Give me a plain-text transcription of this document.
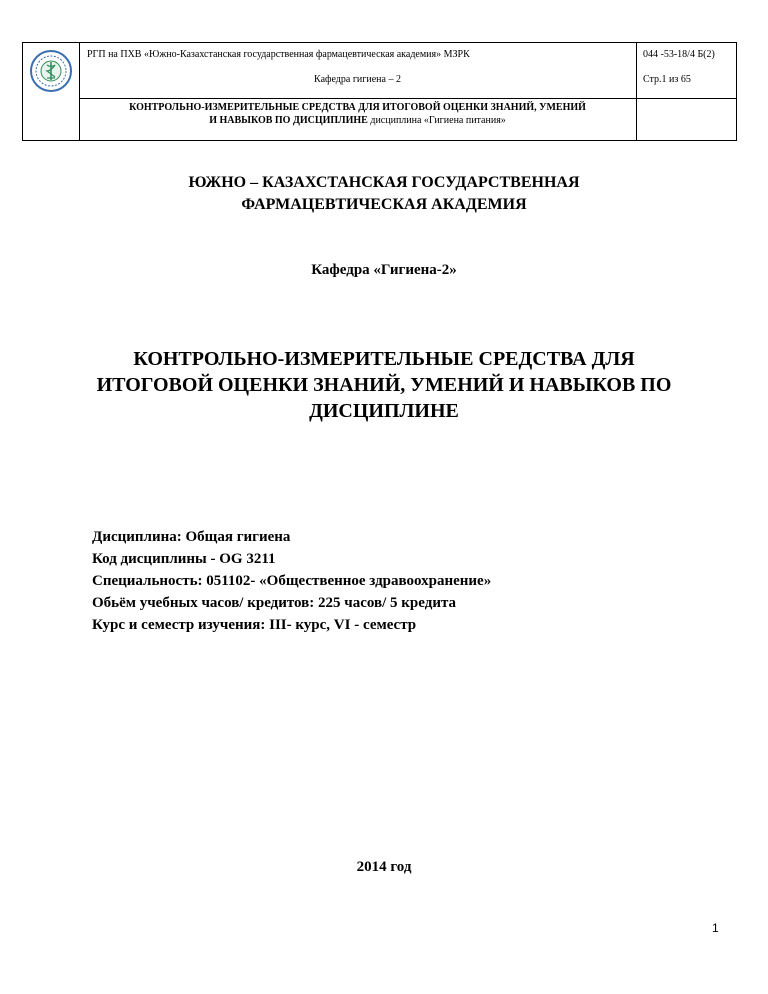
РГП на ПХВ «Южно-Казахстанская государственная фармацевтическая академия» МЗРК
Кафедра гигиена – 2
044 -53-18/4 Б(2)
Стр.1 из 65
КОНТРОЛЬНО-ИЗМЕРИТЕЛЬНЫЕ СРЕДСТВА ДЛЯ ИТОГОВОЙ ОЦЕНКИ ЗНАНИЙ, УМЕНИЙ
И НАВЫКОВ ПО ДИСЦИПЛИНЕ дисциплина «Гигиена питания»
ЮЖНО – КАЗАХСТАНСКАЯ ГОСУДАРСТВЕННАЯ
ФАРМАЦЕВТИЧЕСКАЯ АКАДЕМИЯ
Кафедра «Гигиена-2»
КОНТРОЛЬНО-ИЗМЕРИТЕЛЬНЫЕ СРЕДСТВА ДЛЯ
ИТОГОВОЙ ОЦЕНКИ ЗНАНИЙ, УМЕНИЙ И НАВЫКОВ ПО
ДИСЦИПЛИНЕ
Дисциплина: Общая гигиена
Код дисциплины - OG 3211
Специальность: 051102- «Общественное здравоохранение»
Обьём учебных часов/ кредитов: 225 часов/ 5 кредита
Курс и семестр изучения: III- курс, VI - семестр
2014 год
1
